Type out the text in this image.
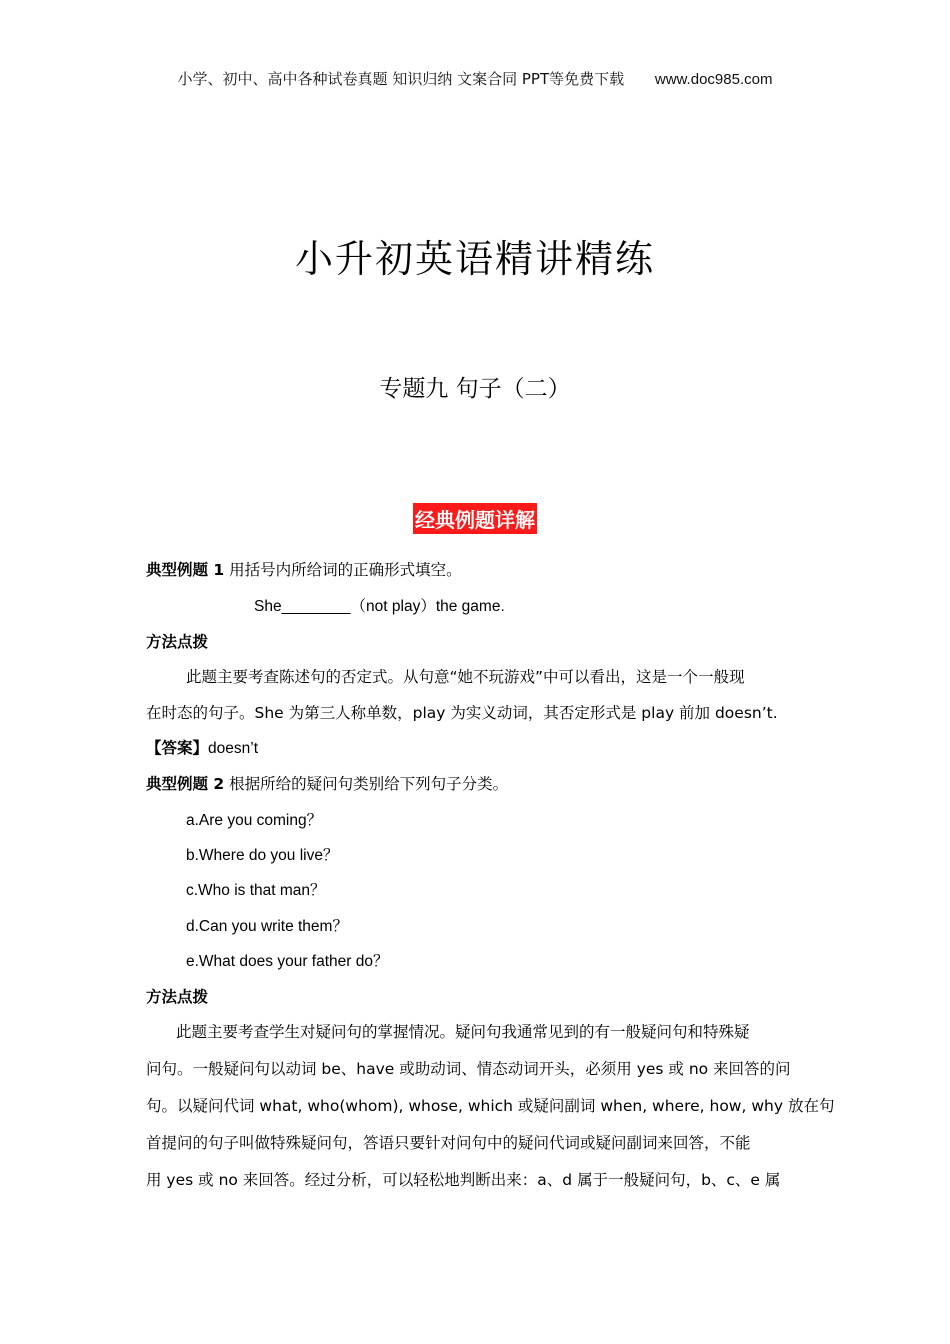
小学、初中、高中各种试卷真题 知识归纳 文案合同 PPT等免费下载 www.doc985.com
小升初英语精讲精练
专题九 句子（二）
经典例题详解
典型例题 1 用括号内所给词的正确形式填空。
She________（not play）the game.
方法点拨
此题主要考查陈述句的否定式。从句意“她不玩游戏”中可以看出，这是一个一般现
在时态的句子。She 为第三人称单数，play 为实义动词，其否定形式是 play 前加 doesn’t.
【答案】doesn’t
典型例题 2 根据所给的疑问句类别给下列句子分类。
a.Are you coming？
b.Where do you live？
c.Who is that man？
d.Can you write them？
e.What does your father do？
方法点拨
此题主要考查学生对疑问句的掌握情况。疑问句我通常见到的有一般疑问句和特殊疑
问句。一般疑问句以动词 be、have 或助动词、情态动词开头，必须用 yes 或 no 来回答的问
句。以疑问代词 what, who(whom), whose, which 或疑问副词 when, where, how, why 放在句
首提问的句子叫做特殊疑问句，答语只要针对问句中的疑问代词或疑问副词来回答，不能
用 yes 或 no 来回答。经过分析，可以轻松地判断出来：a、d 属于一般疑问句，b、c、e 属
